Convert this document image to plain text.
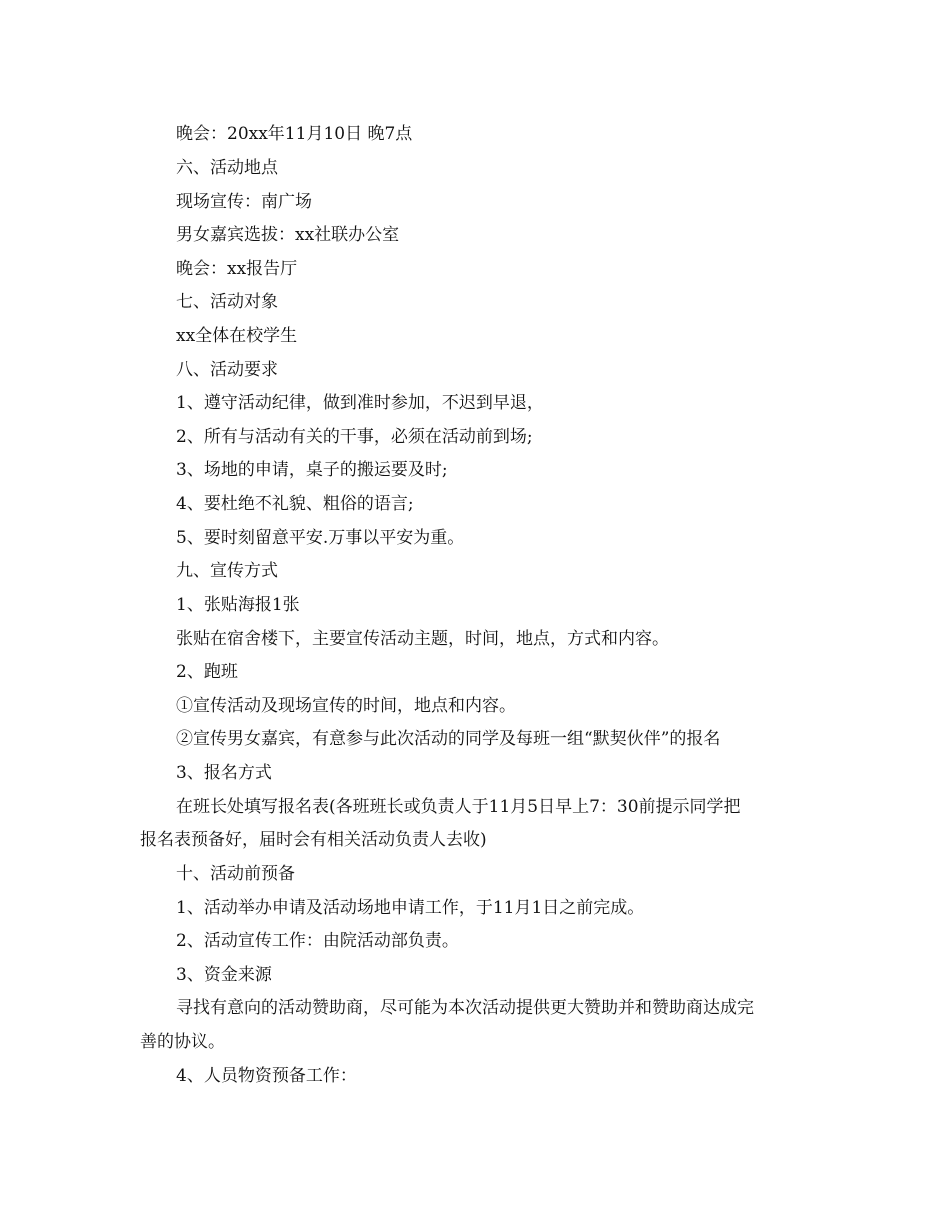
晚会：20xx年11月10日 晚7点
六、活动地点
现场宣传：南广场
男女嘉宾选拔：xx社联办公室
晚会：xx报告厅
七、活动对象
xx全体在校学生
八、活动要求
1、遵守活动纪律，做到准时参加，不迟到早退，
2、所有与活动有关的干事，必须在活动前到场;
3、场地的申请，桌子的搬运要及时;
4、要杜绝不礼貌、粗俗的语言;
5、要时刻留意平安.万事以平安为重。
九、宣传方式
1、张贴海报1张
张贴在宿舍楼下，主要宣传活动主题，时间，地点，方式和内容。
2、跑班
①宣传活动及现场宣传的时间，地点和内容。
②宣传男女嘉宾，有意参与此次活动的同学及每班一组“默契伙伴”的报名
3、报名方式
在班长处填写报名表(各班班长或负责人于11月5日早上7：30前提示同学把
报名表预备好，届时会有相关活动负责人去收)
十、活动前预备
1、活动举办申请及活动场地申请工作，于11月1日之前完成。
2、活动宣传工作：由院活动部负责。
3、资金来源
寻找有意向的活动赞助商，尽可能为本次活动提供更大赞助并和赞助商达成完
善的协议。
4、人员物资预备工作：
